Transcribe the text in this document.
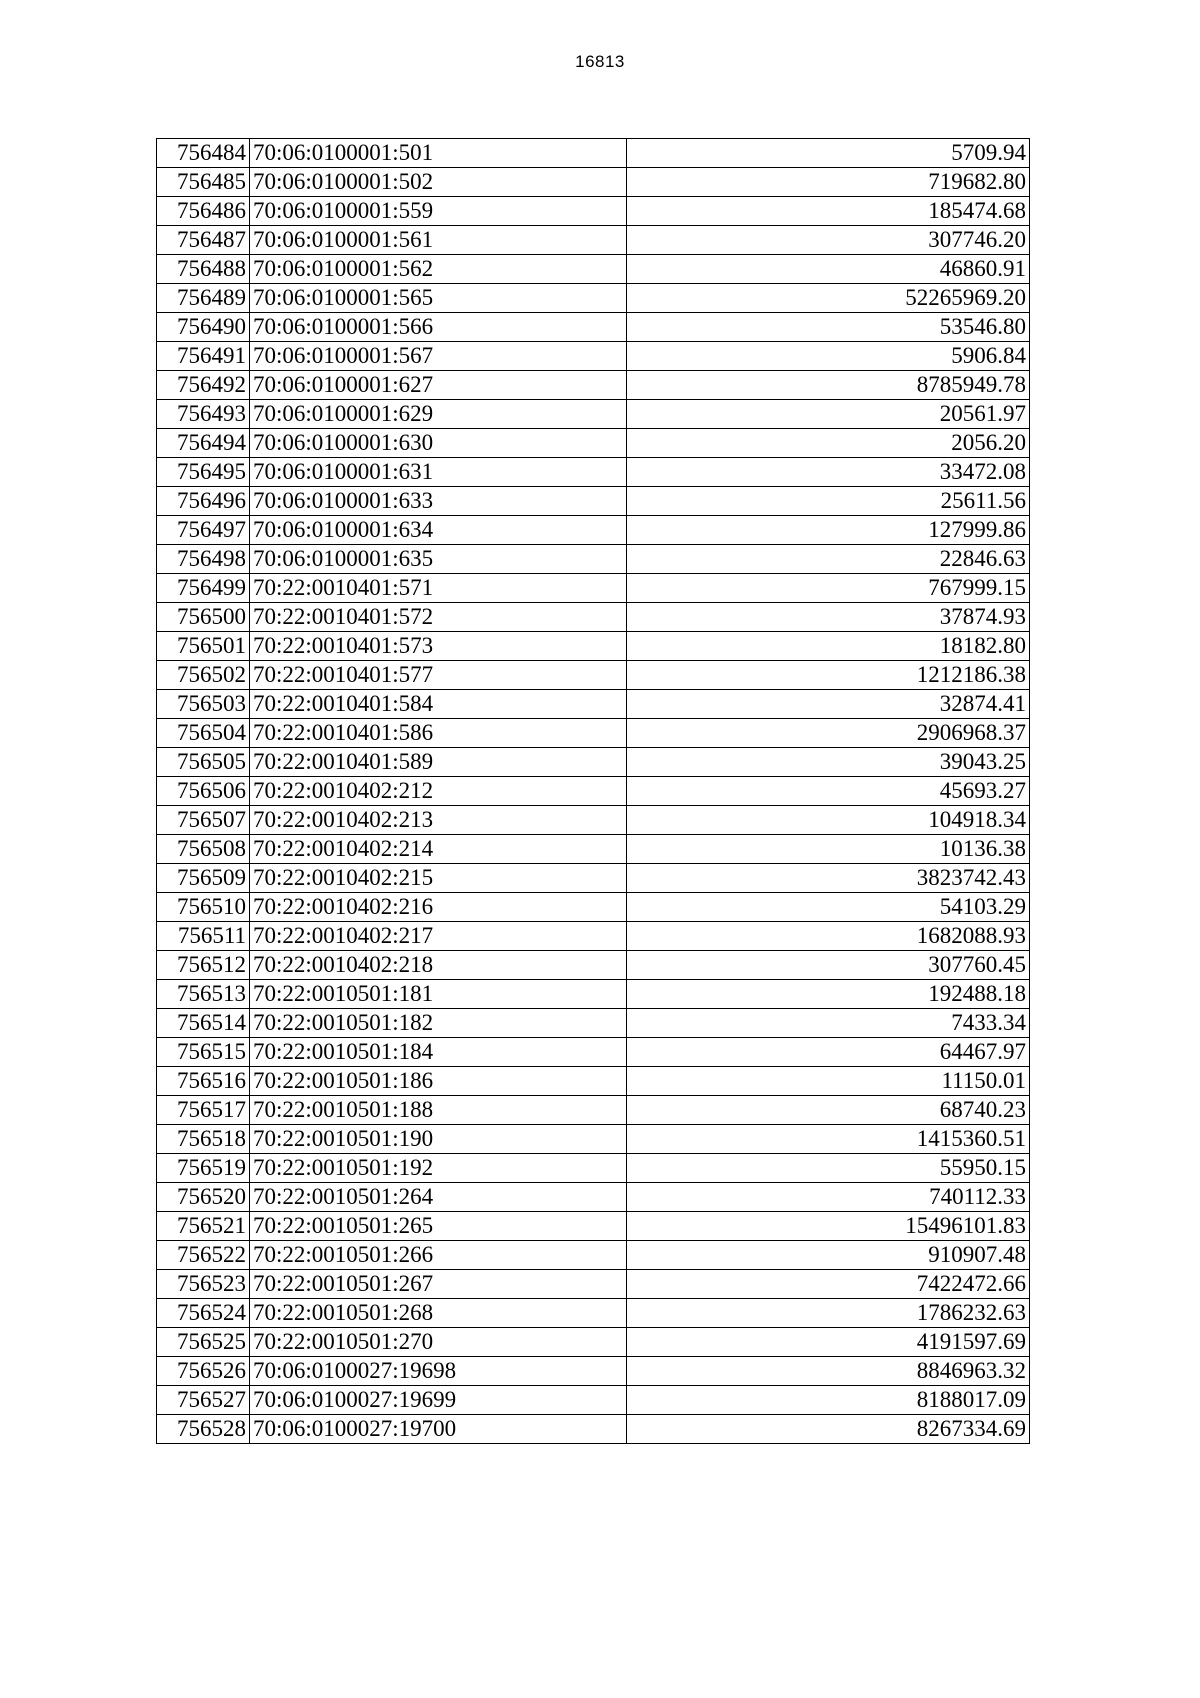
16813
756484	70:06:0100001:501	5709.94
756485	70:06:0100001:502	719682.80
756486	70:06:0100001:559	185474.68
756487	70:06:0100001:561	307746.20
756488	70:06:0100001:562	46860.91
756489	70:06:0100001:565	52265969.20
756490	70:06:0100001:566	53546.80
756491	70:06:0100001:567	5906.84
756492	70:06:0100001:627	8785949.78
756493	70:06:0100001:629	20561.97
756494	70:06:0100001:630	2056.20
756495	70:06:0100001:631	33472.08
756496	70:06:0100001:633	25611.56
756497	70:06:0100001:634	127999.86
756498	70:06:0100001:635	22846.63
756499	70:22:0010401:571	767999.15
756500	70:22:0010401:572	37874.93
756501	70:22:0010401:573	18182.80
756502	70:22:0010401:577	1212186.38
756503	70:22:0010401:584	32874.41
756504	70:22:0010401:586	2906968.37
756505	70:22:0010401:589	39043.25
756506	70:22:0010402:212	45693.27
756507	70:22:0010402:213	104918.34
756508	70:22:0010402:214	10136.38
756509	70:22:0010402:215	3823742.43
756510	70:22:0010402:216	54103.29
756511	70:22:0010402:217	1682088.93
756512	70:22:0010402:218	307760.45
756513	70:22:0010501:181	192488.18
756514	70:22:0010501:182	7433.34
756515	70:22:0010501:184	64467.97
756516	70:22:0010501:186	11150.01
756517	70:22:0010501:188	68740.23
756518	70:22:0010501:190	1415360.51
756519	70:22:0010501:192	55950.15
756520	70:22:0010501:264	740112.33
756521	70:22:0010501:265	15496101.83
756522	70:22:0010501:266	910907.48
756523	70:22:0010501:267	7422472.66
756524	70:22:0010501:268	1786232.63
756525	70:22:0010501:270	4191597.69
756526	70:06:0100027:19698	8846963.32
756527	70:06:0100027:19699	8188017.09
756528	70:06:0100027:19700	8267334.69
